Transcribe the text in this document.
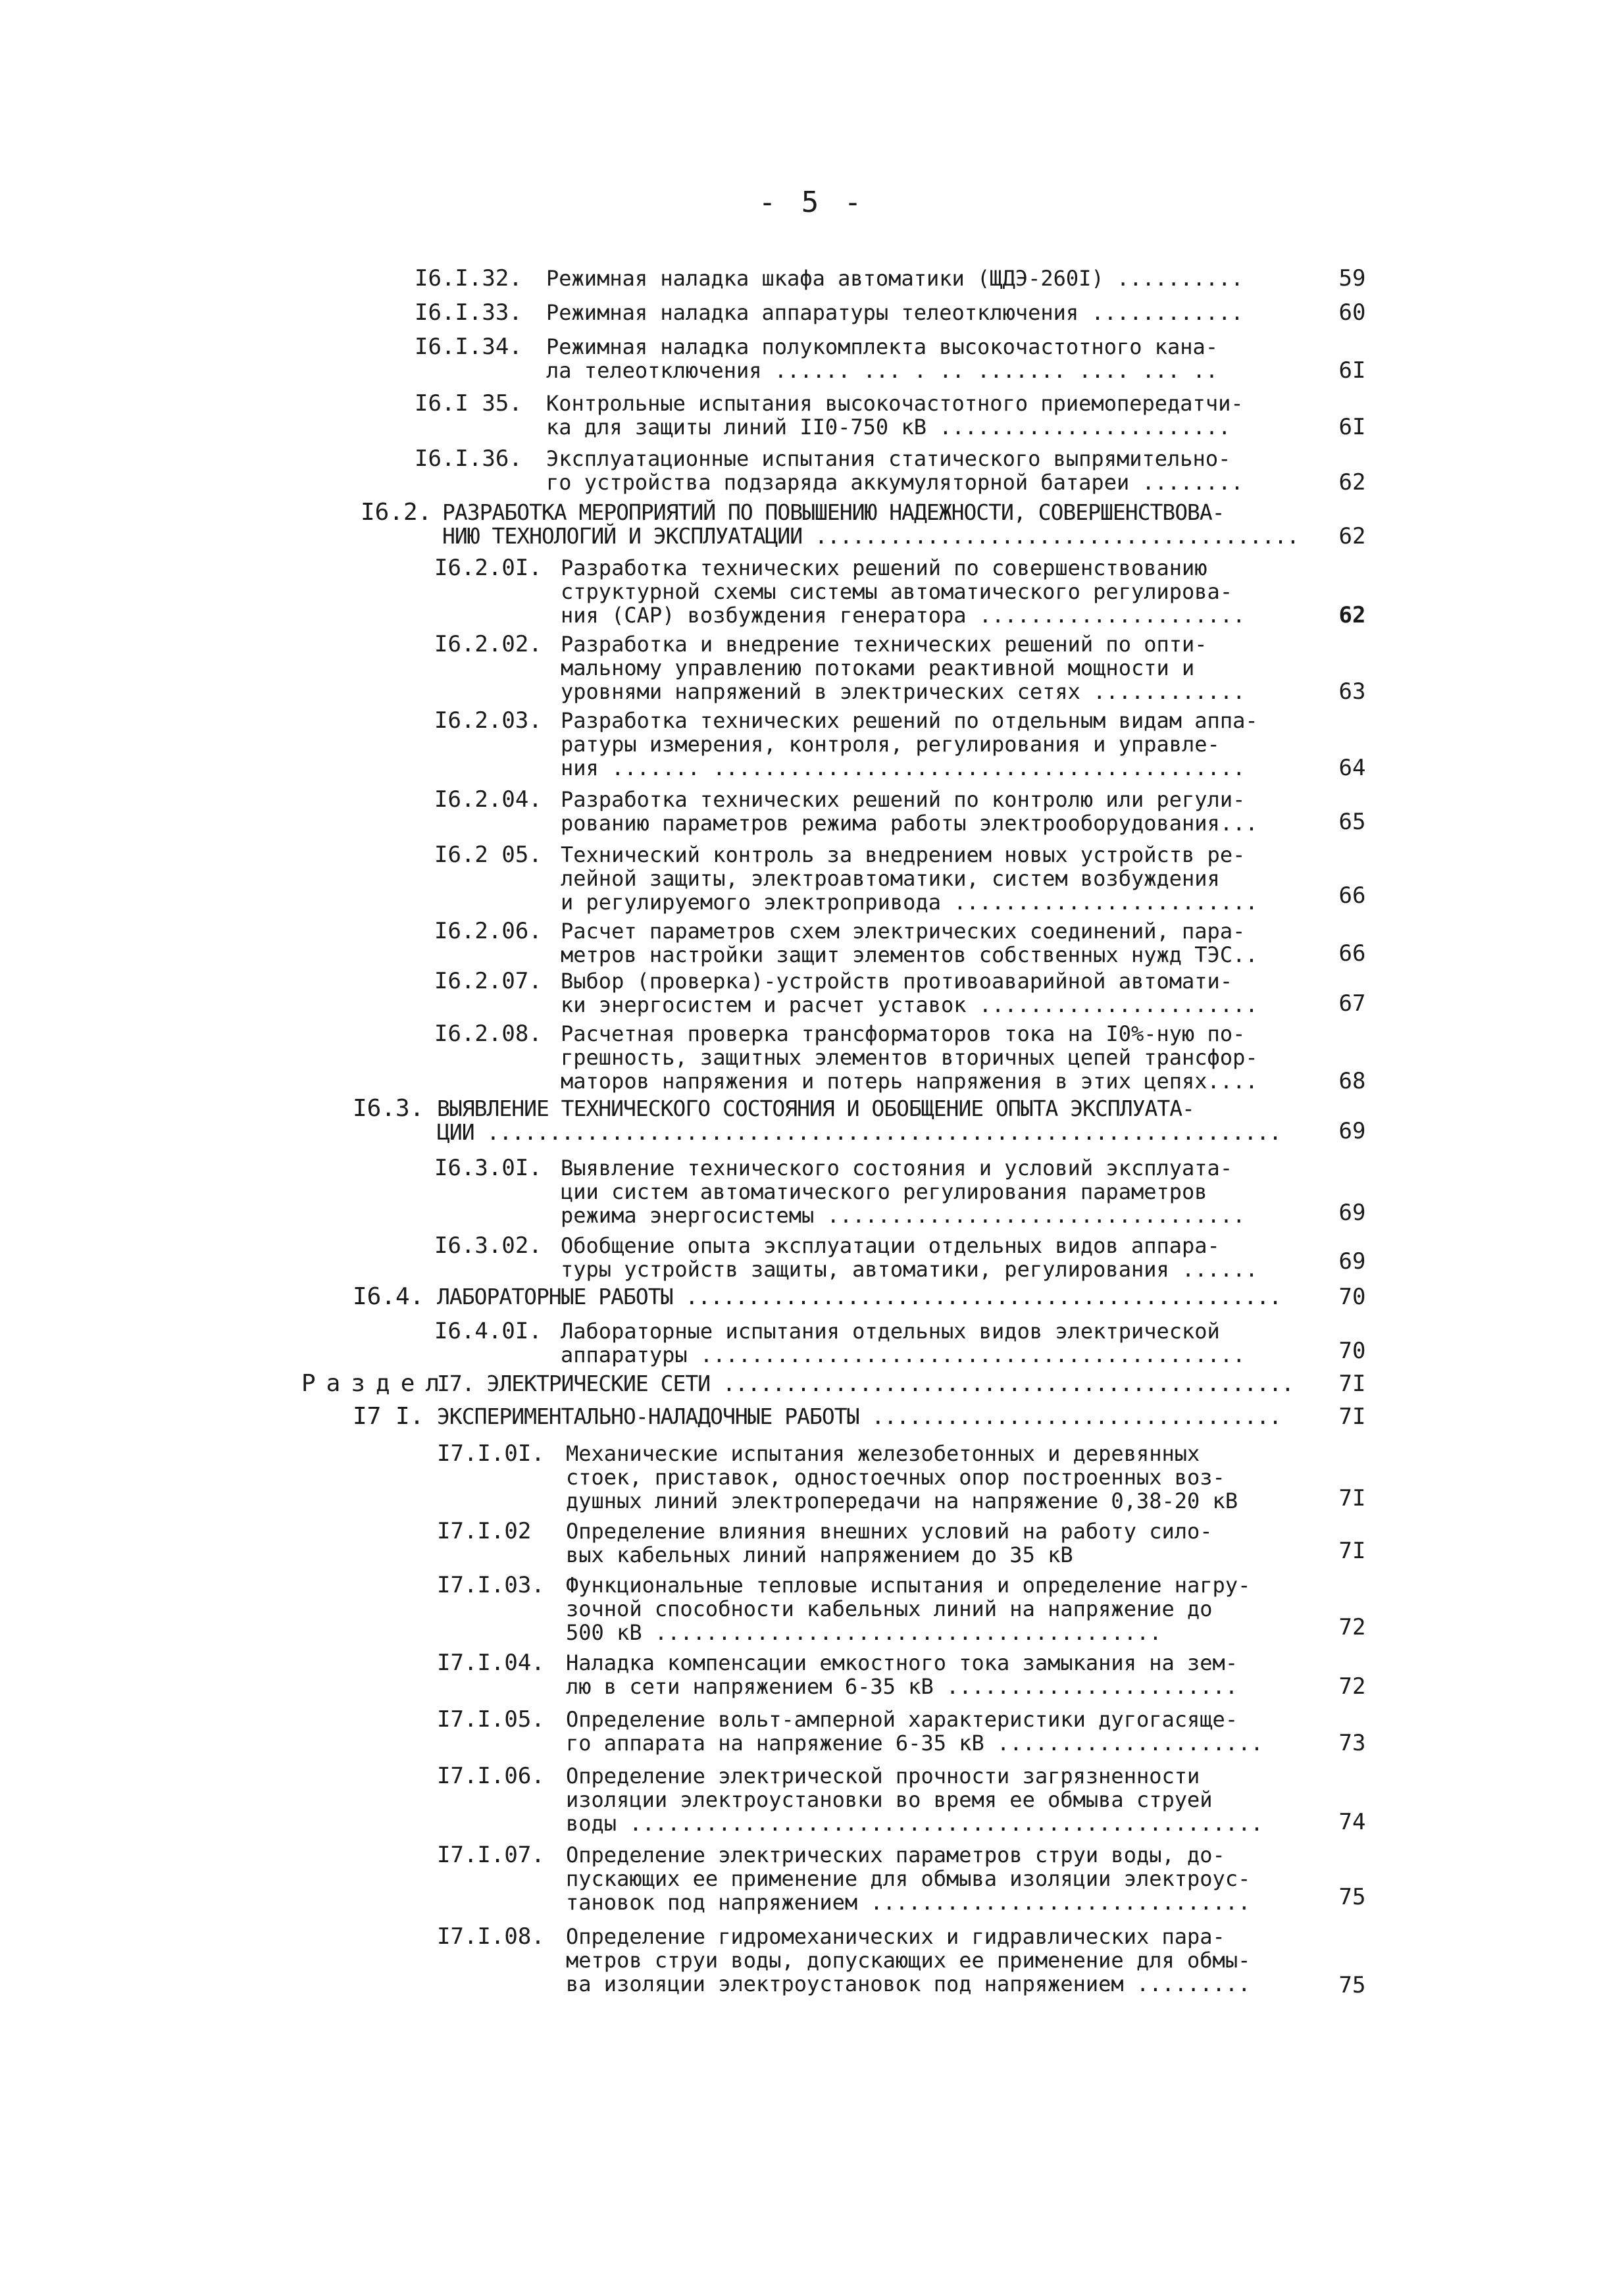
- 5 -
I6.I.32. Режимная наладка шкафа автоматики (ЩДЭ-260I) ..........	59
I6.I.33. Режимная наладка аппаратуры телеотключения ............	60
I6.I.34. Режимная наладка полукомплекта высокочастотного кана-
ла телеотключения ...... ... . .. ....... .... ... ..	6I
I6.I 35. Контрольные испытания высокочастотного приемопередатчи-
ка для защиты линий II0-750 кВ .......................	6I
I6.I.36. Эксплуатационные испытания статического выпрямительно-
го устройства подзаряда аккумуляторной батареи ........	62
I6.2. РАЗРАБОТКА МЕРОПРИЯТИЙ ПО ПОВЫШЕНИЮ НАДЕЖНОСТИ, СОВЕРШЕНСТВОВА-
НИЮ ТЕХНОЛОГИЙ И ЭКСПЛУАТАЦИИ .......................................	62
I6.2.0I. Разработка технических решений по совершенствованию
структурной схемы системы автоматического регулирова-
ния (САР) возбуждения генератора .....................	62
I6.2.02. Разработка и внедрение технических решений по опти-
мальному управлению потоками реактивной мощности и
уровнями напряжений в электрических сетях ............	63
I6.2.03. Разработка технических решений по отдельным видам аппа-
ратуры измерения, контроля, регулирования и управле-
ния ....... ..........................................	64
I6.2.04. Разработка технических решений по контролю или регули-
рованию параметров режима работы электрооборудования...	65
I6.2 05. Технический контроль за внедрением новых устройств ре-
лейной защиты, электроавтоматики, систем возбуждения
и регулируемого электропривода ........................	66
I6.2.06. Расчет параметров схем электрических соединений, пара-
метров настройки защит элементов собственных нужд ТЭС..	66
I6.2.07. Выбор (проверка)-устройств противоаварийной автомати-
ки энергосистем и расчет уставок ......................	67
I6.2.08. Расчетная проверка трансформаторов тока на I0%-ную по-
грешность, защитных элементов вторичных цепей трансфор-
маторов напряжения и потерь напряжения в этих цепях....	68
I6.3. ВЫЯВЛЕНИЕ ТЕХНИЧЕСКОГО СОСТОЯНИЯ И ОБОБЩЕНИЕ ОПЫТА ЭКСПЛУАТА-
ЦИИ ................................................................	69
I6.3.0I. Выявление технического состояния и условий эксплуата-
ции систем автоматического регулирования параметров
режима энергосистемы .................................	69
I6.3.02. Обобщение опыта эксплуатации отдельных видов аппара-
туры устройств защиты, автоматики, регулирования ......	69
I6.4. ЛАБОРАТОРНЫЕ РАБОТЫ ................................................	70
I6.4.0I. Лабораторные испытания отдельных видов электрической
аппаратуры ...........................................	70
Раздел
I7. ЭЛЕКТРИЧЕСКИЕ СЕТИ ..............................................	7I
I7 I. ЭКСПЕРИМЕНТАЛЬНО-НАЛАДОЧНЫЕ РАБОТЫ .................................	7I
I7.I.0I. Механические испытания железобетонных и деревянных
стоек, приставок, одностоечных опор построенных воз-
душных линий электропередачи на напряжение 0,38-20 кВ	7I
I7.I.02 Определение влияния внешних условий на работу сило-
вых кабельных линий напряжением до 35 кВ	7I
I7.I.03. Функциональные тепловые испытания и определение нагру-
зочной способности кабельных линий на напряжение до
500 кВ ........................................	72
I7.I.04. Наладка компенсации емкостного тока замыкания на зем-
лю в сети напряжением 6-35 кВ .......................	72
I7.I.05. Определение вольт-амперной характеристики дугогасяще-
го аппарата на напряжение 6-35 кВ .....................	73
I7.I.06. Определение электрической прочности загрязненности
изоляции электроустановки во время ее обмыва струей
воды ..................................................	74
I7.I.07. Определение электрических параметров струи воды, до-
пускающих ее применение для обмыва изоляции электроус-
тановок под напряжением ..............................	75
I7.I.08. Определение гидромеханических и гидравлических пара-
метров струи воды, допускающих ее применение для обмы-
ва изоляции электроустановок под напряжением .........	75
